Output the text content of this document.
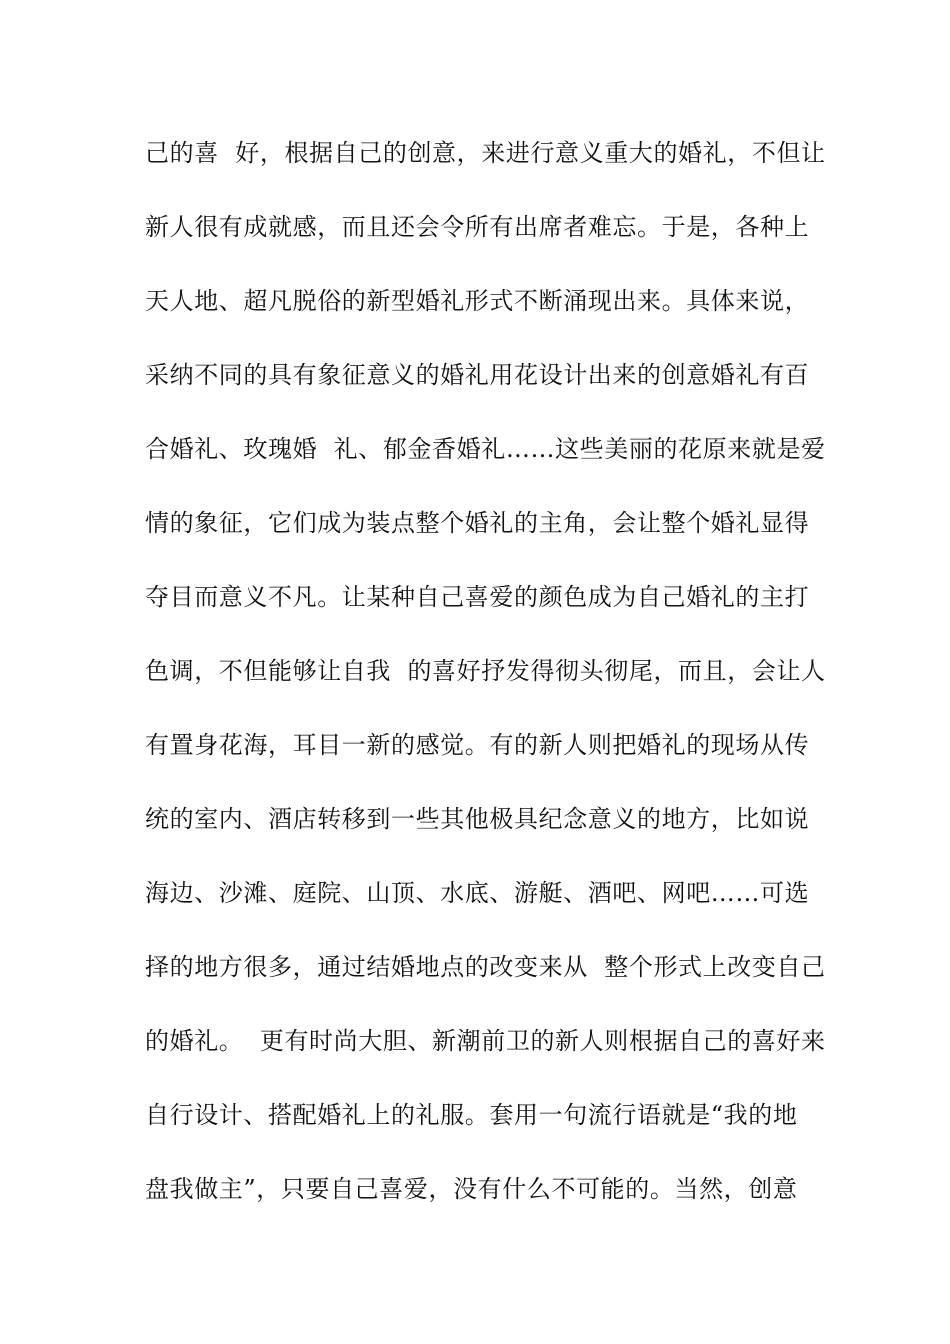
己的喜  好，根据自己的创意，来进行意义重大的婚礼，不但让
新人很有成就感，而且还会令所有出席者难忘。于是，各种上
天人地、超凡脱俗的新型婚礼形式不断涌现出来。具体来说，
采纳不同的具有象征意义的婚礼用花设计出来的创意婚礼有百
合婚礼、玫瑰婚  礼、郁金香婚礼……这些美丽的花原来就是爱
情的象征，它们成为装点整个婚礼的主角，会让整个婚礼显得
夺目而意义不凡。让某种自己喜爱的颜色成为自己婚礼的主打
色调，不但能够让自我  的喜好抒发得彻头彻尾，而且，会让人
有置身花海，耳目一新的感觉。有的新人则把婚礼的现场从传
统的室内、酒店转移到一些其他极具纪念意义的地方，比如说
海边、沙滩、庭院、山顶、水底、游艇、酒吧、网吧……可选
择的地方很多，通过结婚地点的改变来从  整个形式上改变自己
的婚礼。  更有时尚大胆、新潮前卫的新人则根据自己的喜好来
自行设计、搭配婚礼上的礼服。套用一句流行语就是“我的地
盘我做主”，只要自己喜爱，没有什么不可能的。当然，创意
